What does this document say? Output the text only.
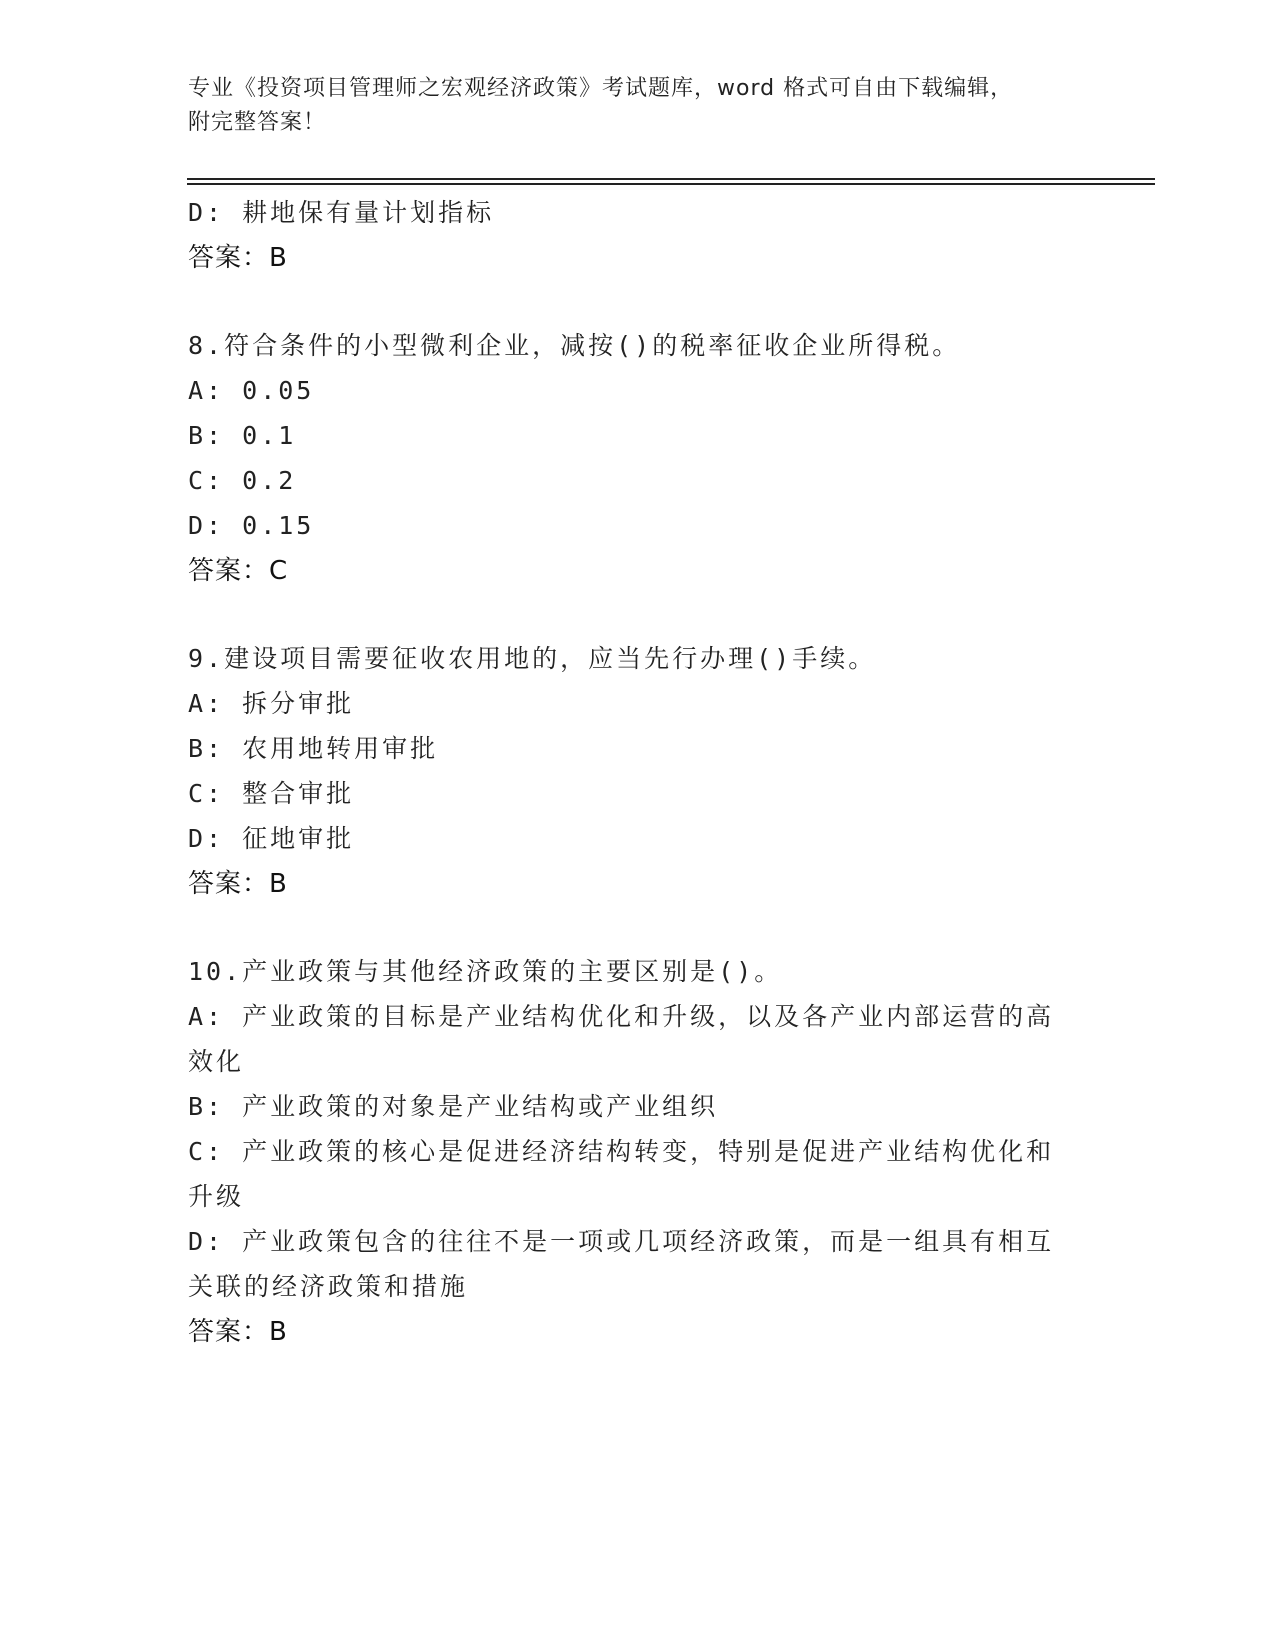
专业《投资项目管理师之宏观经济政策》考试题库，word 格式可自由下载编辑，
附完整答案！
D: 耕地保有量计划指标
答案：B
8.符合条件的小型微利企业，减按()的税率征收企业所得税。
A: 0.05
B: 0.1
C: 0.2
D: 0.15
答案：C
9.建设项目需要征收农用地的，应当先行办理()手续。
A: 拆分审批
B: 农用地转用审批
C: 整合审批
D: 征地审批
答案：B
10.产业政策与其他经济政策的主要区别是()。
A: 产业政策的目标是产业结构优化和升级，以及各产业内部运营的高
效化
B: 产业政策的对象是产业结构或产业组织
C: 产业政策的核心是促进经济结构转变，特别是促进产业结构优化和
升级
D: 产业政策包含的往往不是一项或几项经济政策，而是一组具有相互
关联的经济政策和措施
答案：B
